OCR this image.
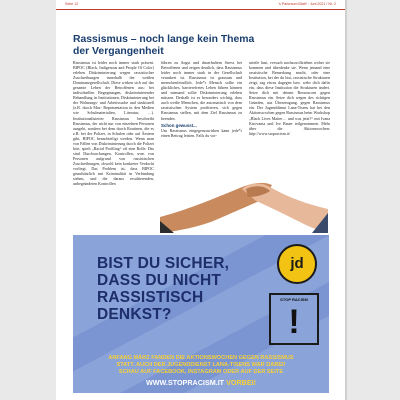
Seite 12	's Parkraum Blatt! · Juni 2021 / Nr. 2
Rassismus – noch lange kein Thema der Vergangenheit

Rassismus ist leider noch immer stark präsent. BIPOC (Black, Indigenous and People Of Color) erleben Diskriminierung wegen rassistischer Zuschreibungen innerhalb der weißen Dominanzgesellschaft. Diese wirken sich auf das gesamte Leben der Betroffenen aus: bei individuellen Begegnungen, diskriminierender Behandlung in Institutionen, Diskriminierung bei der Wohnungs- und Arbeitssuche und strukturell (z.B. durch Mas- Repräsentation in den Medien wie Schulmaterialien, Literatur, …). Institutionalisierter Rassismus beschreibt Rassismus, der nicht nur von einzelnen Personen ausgeht, sondern bei dem durch Routinen, die es z.B. bei der Polizei, in Schulen oder auf Ämtern gibt, BIPOC benachteiligt werden. Wenn man von Fällen von Diskriminierung durch die Polizei hört, spielt „Racial Profiling“ oft eine Rolle. Das sind Durchsuchungen, Kontrollen, uvm von Personen aufgrund von rassistischen Zuschreibungen, obwohl kein konkreter Verdacht vorliegt. Das Problem ist, dass BIPOC grundsätzlich mit Kriminalität in Verbindung stehen, und die daraus resultierenden, unbegründeten Kontrollen

führen zu Angst und dauerhaftem Stress bei Betroffenen und zeigen deutlich, dass Rassismus leider noch immer stark in der Gesellschaft verankert ist. Rassismus ist grausam und menschenfeindlich. Jede*r Mensch sollte ein glückliches, barrierefreies Leben führen können und niemand sollte Diskriminierung erleben müssen. Deshalb ist es besonders wichtig, dass auch weiße Menschen, die automatisch von dem rassistischen System profitieren, sich gegen Rassismus stellen, mit dem Ziel Rassismus zu beenden.

Schon gewusst...

Um Rassismus entgegenzuwirken kann jede*r einen Beitrag leisten. Falls du vor-

urteile hast, versuch nachzuvollziehen woher sie kommen und überdenke sie. Wenn jemand eine rassistische Bemerkung macht, oder eine Institution, bei der du bist, rassistische Strukturen zeigt, sag etwas dagegen bzw. wehr dich dafür ein, dass diese Institution die Strukturen ändert. Setze dich mit deinen Ressourcen gegen Rassismus ein. Setze dich wegen des richtigen Gründen, aus Überzeugung, gegen Rassismus ein. Der Jugenddienst Lana-Tisens hat bei den Aktionswochen gegen Rassismus beim Workshop „Black Lives Matter… und was jetzt?“ mit Ivana Kirovania und Ive Bauer teilgenommen. Mehr über die Aktionswochen: http://www.stopracism.it/

BIST DU SICHER,
DASS DU NICHT
RASSISTISCH
DENKST?
jd
STOP RACISM
!
ANFANG MÄRZ FANDEN DIE AKTIONSWOCHEN GEGEN RASSISMUS
STATT. AUCH DER JUGENDDIENST LANA-TISENS WAR DABEI!
SCHAU AUF FACEBOOK, INSTAGRAM ODER AUF DER SEITE
WWW.STOPRACISM.IT VORBEI!
